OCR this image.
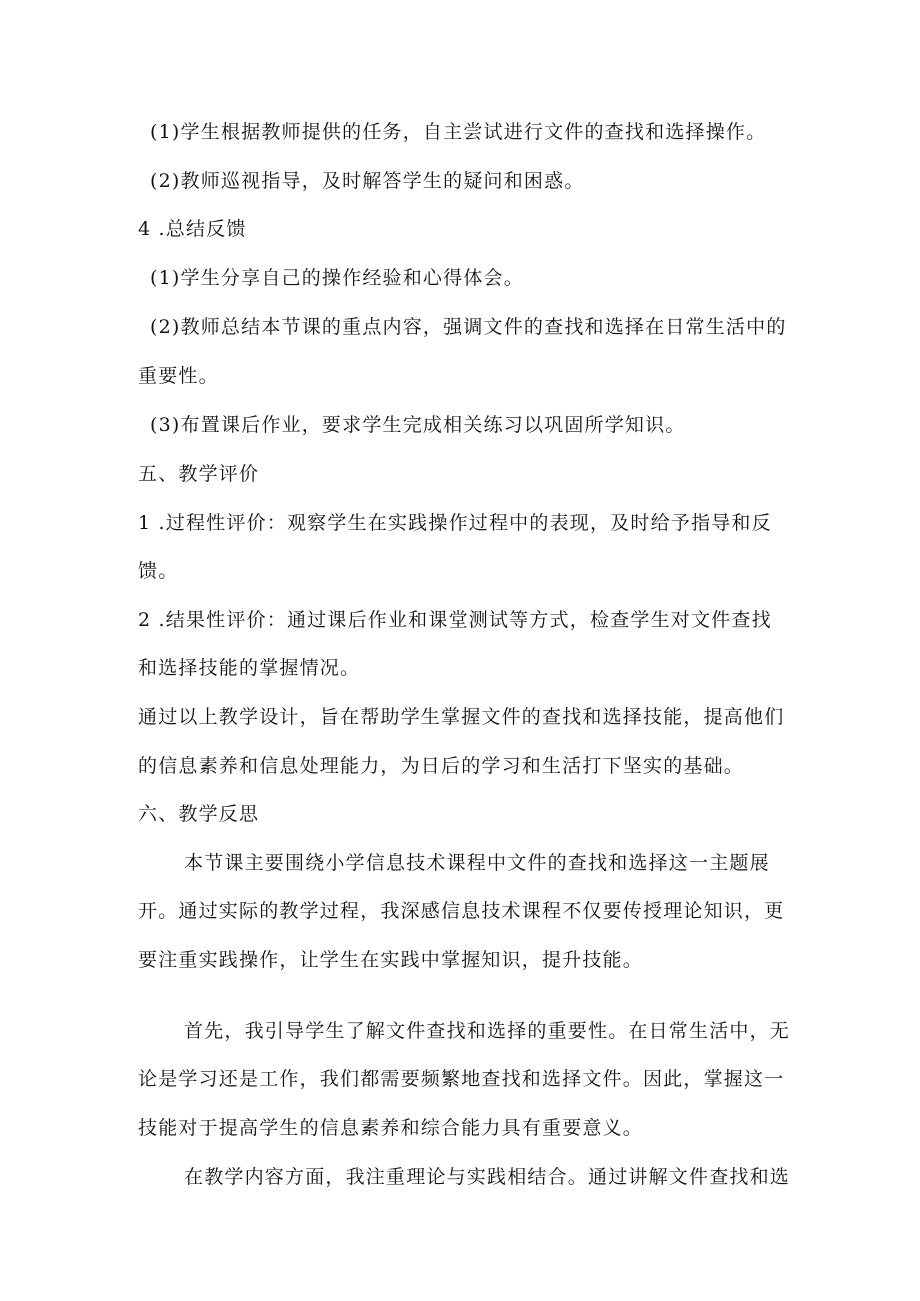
(1)学生根据教师提供的任务，自主尝试进行文件的查找和选择操作。
(2)教师巡视指导，及时解答学生的疑问和困惑。
4 .总结反馈
(1)学生分享自己的操作经验和心得体会。
(2)教师总结本节课的重点内容，强调文件的查找和选择在日常生活中的
重要性。
(3)布置课后作业，要求学生完成相关练习以巩固所学知识。
五、教学评价
1 .过程性评价：观察学生在实践操作过程中的表现，及时给予指导和反
馈。
2 .结果性评价：通过课后作业和课堂测试等方式，检查学生对文件查找
和选择技能的掌握情况。
通过以上教学设计，旨在帮助学生掌握文件的查找和选择技能，提高他们
的信息素养和信息处理能力，为日后的学习和生活打下坚实的基础。
六、教学反思
本节课主要围绕小学信息技术课程中文件的查找和选择这一主题展
开。通过实际的教学过程，我深感信息技术课程不仅要传授理论知识，更
要注重实践操作，让学生在实践中掌握知识，提升技能。
首先，我引导学生了解文件查找和选择的重要性。在日常生活中，无
论是学习还是工作，我们都需要频繁地查找和选择文件。因此，掌握这一
技能对于提高学生的信息素养和综合能力具有重要意义。
在教学内容方面，我注重理论与实践相结合。通过讲解文件查找和选
